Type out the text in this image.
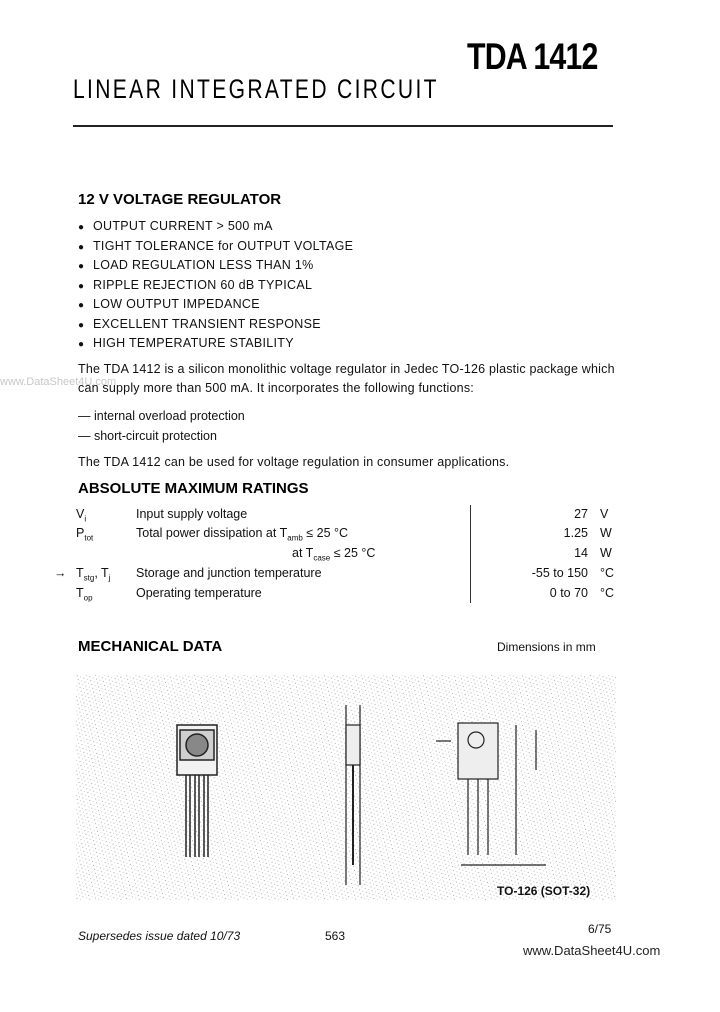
TDA 1412
LINEAR INTEGRATED CIRCUIT
12 V VOLTAGE REGULATOR
● OUTPUT CURRENT > 500 mA
● TIGHT TOLERANCE for OUTPUT VOLTAGE
● LOAD REGULATION LESS THAN 1%
● RIPPLE REJECTION 60 dB TYPICAL
● LOW OUTPUT IMPEDANCE
● EXCELLENT TRANSIENT RESPONSE
● HIGH TEMPERATURE STABILITY
www.DataSheet4U.com
The TDA 1412 is a silicon monolithic voltage regulator in Jedec TO-126 plastic package which can supply more than 500 mA. It incorporates the following functions:
— internal overload protection
— short-circuit protection
The TDA 1412 can be used for voltage regulation in consumer applications.
ABSOLUTE MAXIMUM RATINGS
$V_i$	Input supply voltage	27 V
$P_{tot}$	Total power dissipation at $T_{amb} \le 25$ °C	1.25 W
at $T_{case} \le 25$ °C	14 W
→ $T_{stg}$, $T_j$ Storage and junction temperature	-55 to 150 °C
$T_{op}$	Operating temperature	0 to 70 °C
MECHANICAL DATA	Dimensions in mm
TO-126 (SOT-32)
Supersedes issue dated 10/73	563	6/75
www.DataSheet4U.com
